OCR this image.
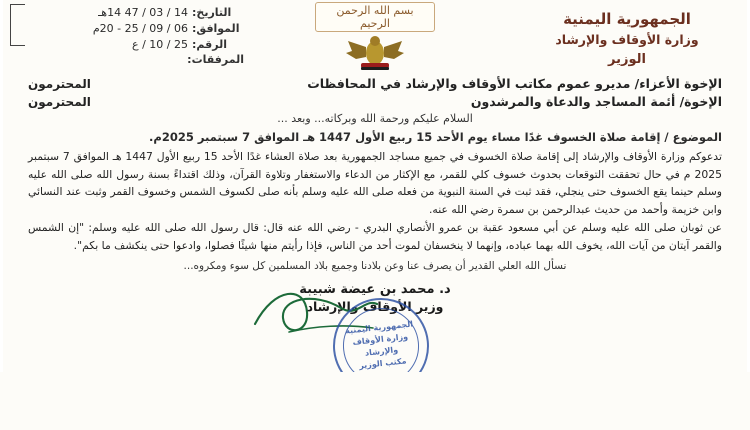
الجمهورية اليمنية
وزارة الأوقاف والإرشاد
الوزير
بسم الله الرحمن الرحيم
التاريخ:
14 / 03 / 47 14هـ
الموافق:
06 / 09 / 25 - 20م
الرقم:
25 / 10 / ع
المرفقات:
الإخوة الأعزاء/ مديرو عموم مكاتب الأوقاف والإرشاد في المحافظات
المحترمون
الإخوة/ أئمة المساجد والدعاة والمرشدون
المحترمون
السلام عليكم ورحمة الله وبركاته... وبعد ...
الموضوع / إقامة صلاة الخسوف غدًا مساء يوم الأحد 15 ربيع الأول 1447 هـ الموافق 7 سبتمبر 2025م.

تدعوكم وزارة الأوقاف والإرشاد إلى إقامة صلاة الخسوف في جميع مساجد الجمهورية بعد صلاة العشاء غدًا الأحد 15 ربيع الأول 1447 هـ الموافق 7 سبتمبر 2025 م في حال تحققت التوقعات بحدوث خسوف كلي للقمر، مع الإكثار من الدعاء والاستغفار وتلاوة القرآن، وذلك اقتداءً بسنة رسول الله صلى الله عليه وسلم حينما يقع الخسوف حتى ينجلي، فقد ثبت في السنة النبوية من فعله صلى الله عليه وسلم بأنه صلى لكسوف الشمس وخسوف القمر وثبت عند النسائي وابن خزيمة وأحمد من حديث عبدالرحمن بن سمرة رضي الله عنه.

عن ثوبان صلى الله عليه وسلم عن أبي مسعود عقبة بن عمرو الأنصاري البدري - رضي الله عنه قال: قال رسول الله صلى الله عليه وسلم: "إن الشمس والقمر آيتان من آيات الله، يخوف الله بهما عباده، وإنهما لا ينخسفان لموت أحد من الناس، فإذا رأيتم منها شيئًا فصلوا، وادعوا حتى ينكشف ما بكم".

نسأل الله العلي القدير أن يصرف عنا وعن بلادنا وجميع بلاد المسلمين كل سوء ومكروه...
د. محمد بن عيضة شبيبة
وزير الأوقاف والإرشاد
الجمهورية اليمنية
وزارة الأوقاف والإرشاد
مكتب الوزير
